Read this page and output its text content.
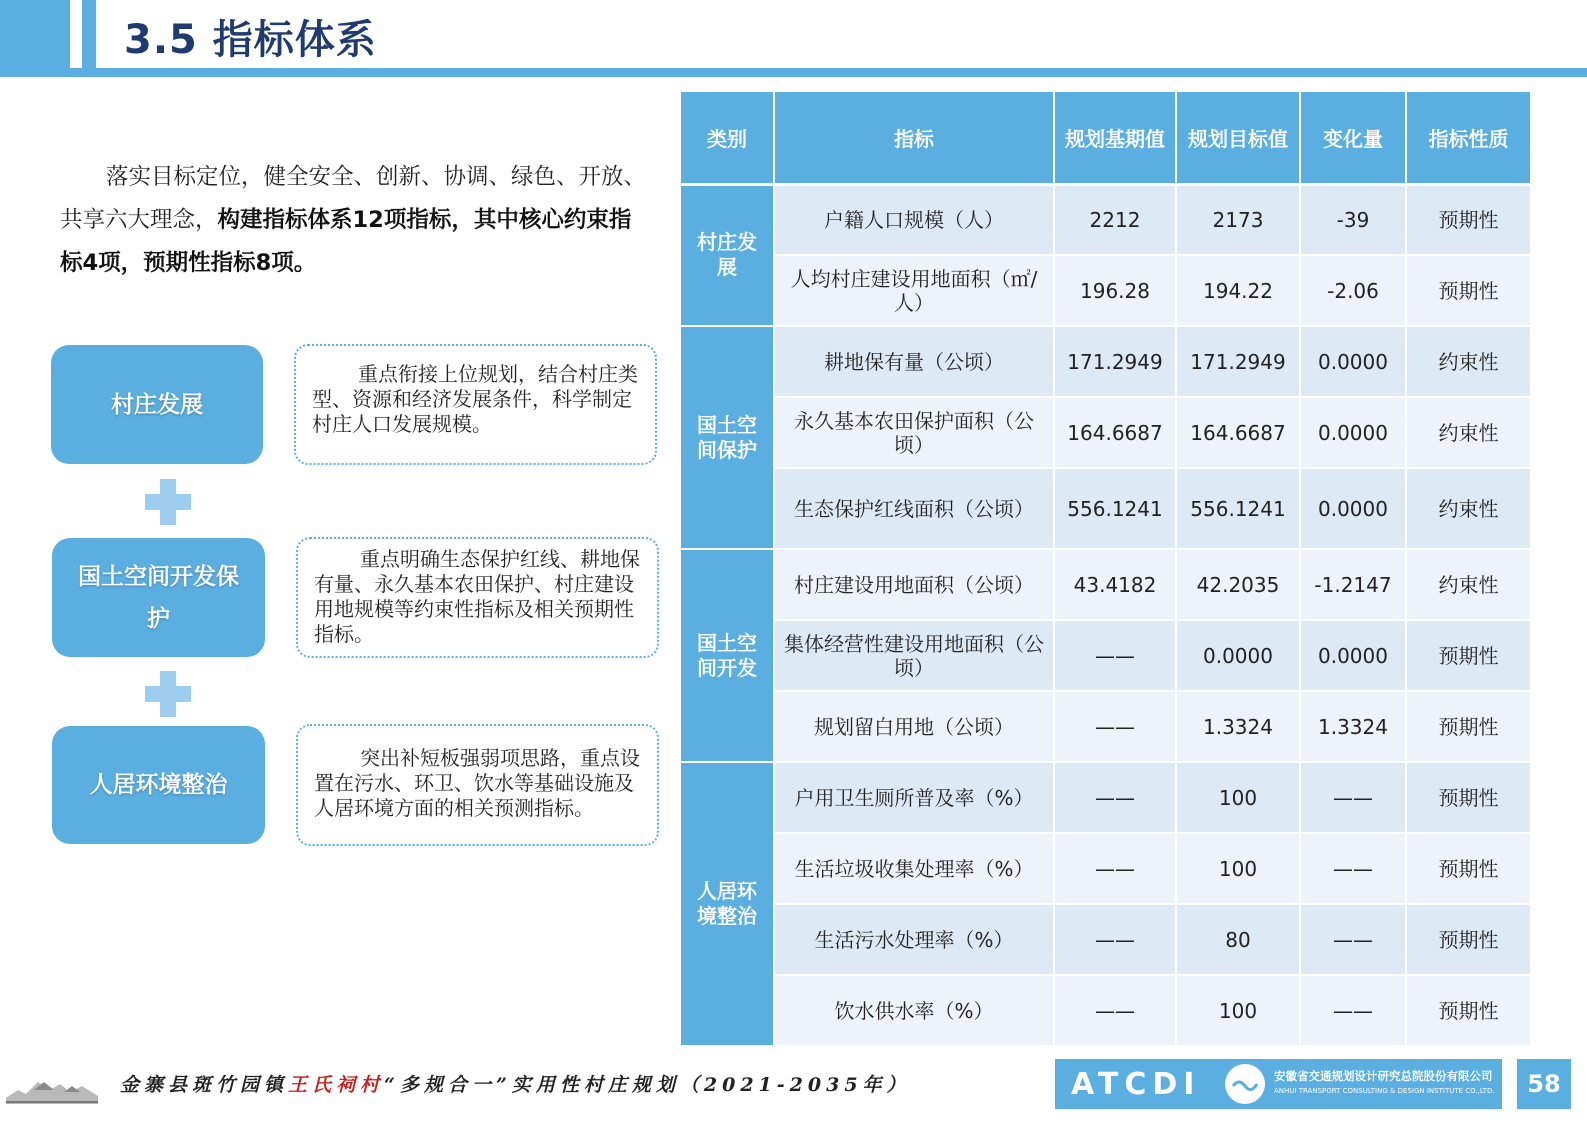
3.5 指标体系
落实目标定位，健全安全、创新、协调、绿色、开放、共享六大理念，构建指标体系12项指标，其中核心约束指标4项，预期性指标8项。
村庄发展
重点衔接上位规划，结合村庄类型、资源和经济发展条件，科学制定村庄人口发展规模。
国土空间开发保护
重点明确生态保护红线、耕地保有量、永久基本农田保护、村庄建设用地规模等约束性指标及相关预期性指标。
人居环境整治
突出补短板强弱项思路，重点设置在污水、环卫、饮水等基础设施及人居环境方面的相关预测指标。
类别	指标	规划基期值	规划目标值	变化量	指标性质
村庄发展	户籍人口规模（人）	2212	2173	-39	预期性
	人均村庄建设用地面积（㎡/人）	196.28	194.22	-2.06	预期性
国土空间保护	耕地保有量（公顷）	171.2949	171.2949	0.0000	约束性
	永久基本农田保护面积（公顷）	164.6687	164.6687	0.0000	约束性
	生态保护红线面积（公顷）	556.1241	556.1241	0.0000	约束性
国土空间开发	村庄建设用地面积（公顷）	43.4182	42.2035	-1.2147	约束性
	集体经营性建设用地面积（公顷）	——	0.0000	0.0000	预期性
	规划留白用地（公顷）	——	1.3324	1.3324	预期性
人居环境整治	户用卫生厕所普及率（%）	——	100	——	预期性
	生活垃圾收集处理率（%）	——	100	——	预期性
	生活污水处理率（%）	——	80	——	预期性
	饮水供水率（%）	——	100	——	预期性
金寨县斑竹园镇王氏祠村“多规合一”实用性村庄规划（2021-2035年）	ATCDI	安徽省交通规划设计研究总院股份有限公司
ANHUI TRANSPORT CONSULTING & DESIGN INSTITUTE CO.,LTD.	58
